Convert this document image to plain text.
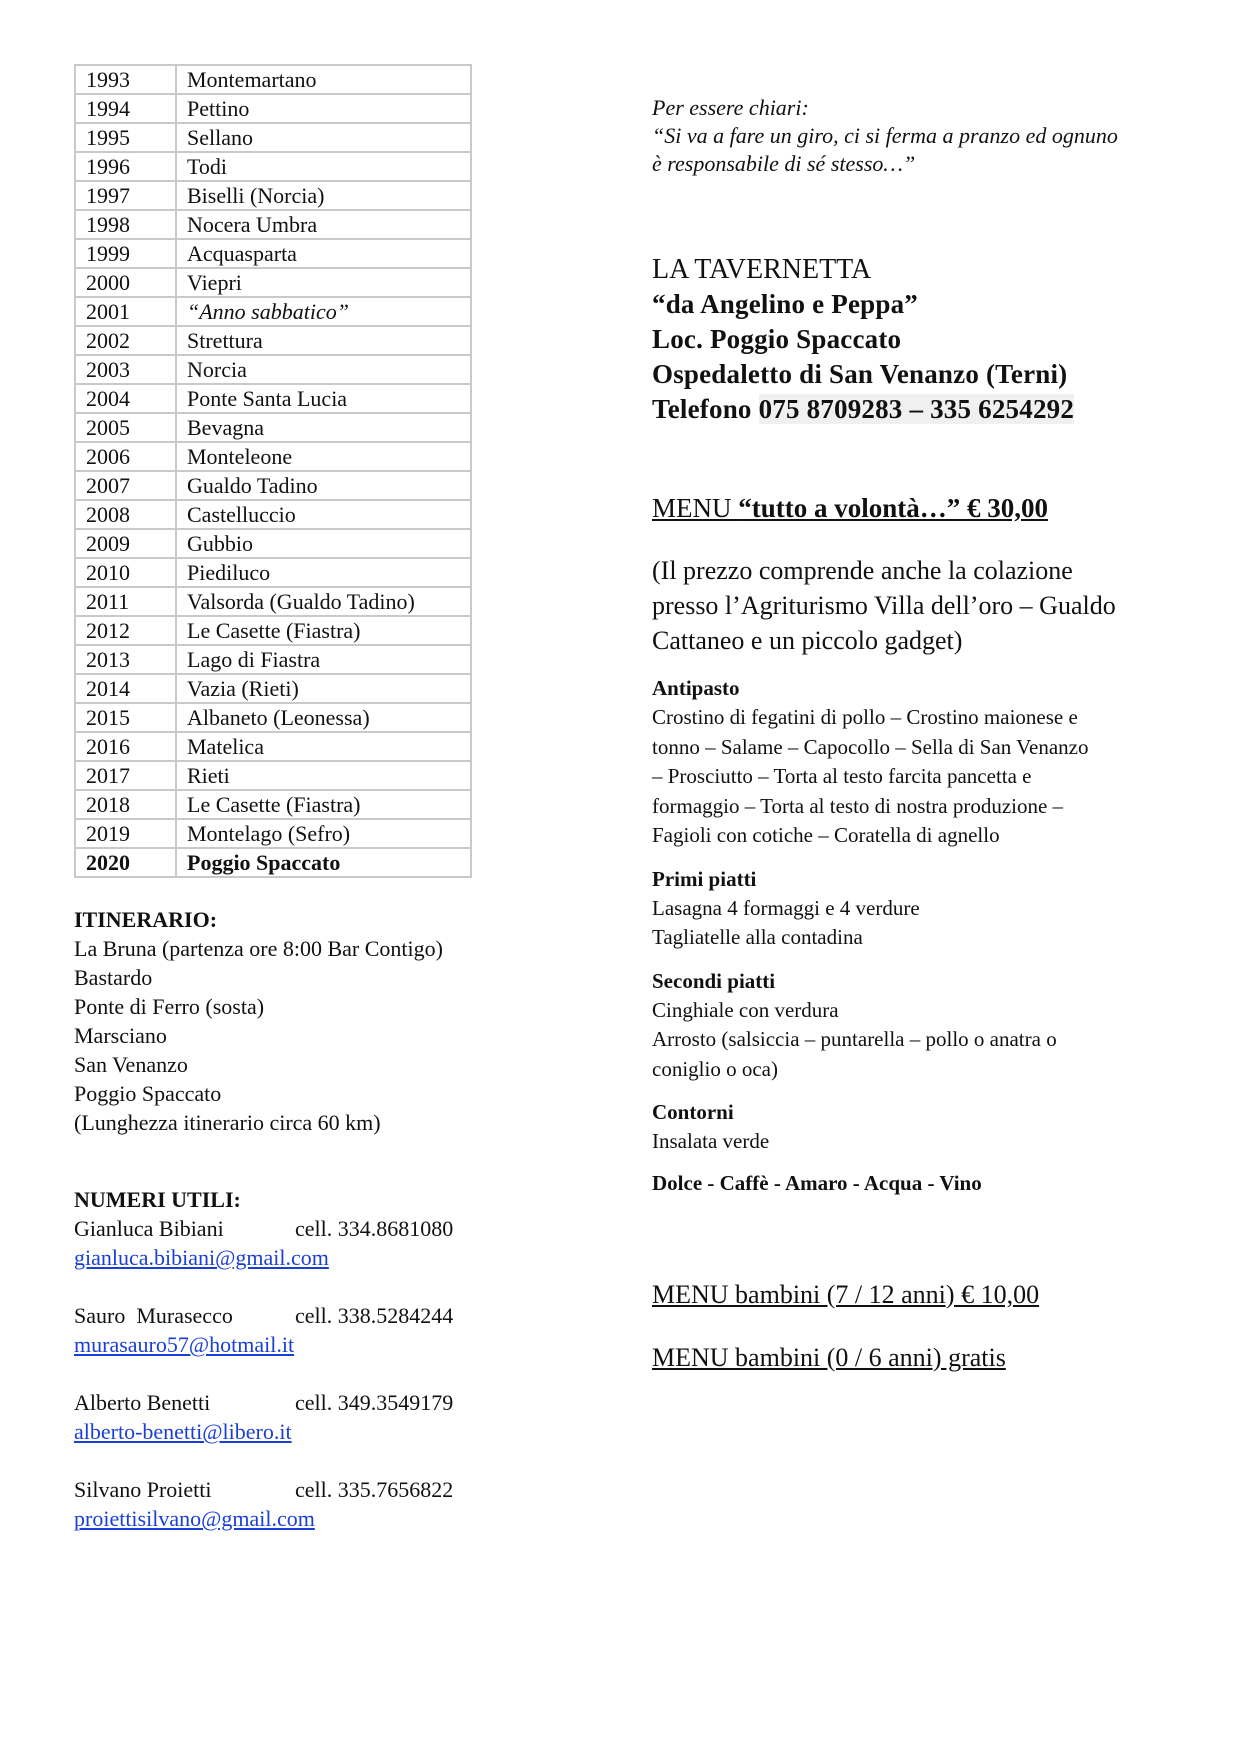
1993	Montemartano
1994	Pettino
1995	Sellano
1996	Todi
1997	Biselli (Norcia)
1998	Nocera Umbra
1999	Acquasparta
2000	Viepri
2001	“Anno sabbatico”
2002	Strettura
2003	Norcia
2004	Ponte Santa Lucia
2005	Bevagna
2006	Monteleone
2007	Gualdo Tadino
2008	Castelluccio
2009	Gubbio
2010	Piediluco
2011	Valsorda (Gualdo Tadino)
2012	Le Casette (Fiastra)
2013	Lago di Fiastra
2014	Vazia (Rieti)
2015	Albaneto (Leonessa)
2016	Matelica
2017	Rieti
2018	Le Casette (Fiastra)
2019	Montelago (Sefro)
2020	Poggio Spaccato

ITINERARIO:

La Bruna (partenza ore 8:00 Bar Contigo)

Bastardo

Ponte di Ferro (sosta)

Marsciano

San Venanzo

Poggio Spaccato

(Lunghezza itinerario circa 60 km)

NUMERI UTILI:

Gianluca Bibiani	cell. 334.8681080
gianluca.bibiani@gmail.com
Sauro  Murasecco	cell. 338.5284244
murasauro57@hotmail.it
Alberto Benetti	cell. 349.3549179
alberto-benetti@libero.it
Silvano Proietti	cell. 335.7656822
proiettisilvano@gmail.com

Per essere chiari:

“Si va a fare un giro, ci si ferma a pranzo ed ognuno

è responsabile di sé stesso…”

LA TAVERNETTA

“da Angelino e Peppa”

Loc. Poggio Spaccato

Ospedaletto di San Venanzo (Terni)

Telefono 075 8709283 – 335 6254292

MENU “tutto a volontà…” € 30,00

(Il prezzo comprende anche la colazione

presso l’Agriturismo Villa dell’oro – Gualdo

Cattaneo e un piccolo gadget)

Antipasto

Crostino di fegatini di pollo – Crostino maionese e

tonno – Salame – Capocollo – Sella di San Venanzo

– Prosciutto – Torta al testo farcita pancetta e

formaggio – Torta al testo di nostra produzione –

Fagioli con cotiche – Coratella di agnello

Primi piatti

Lasagna 4 formaggi e 4 verdure

Tagliatelle alla contadina

Secondi piatti

Cinghiale con verdura

Arrosto (salsiccia – puntarella – pollo o anatra o

coniglio o oca)

Contorni

Insalata verde

Dolce - Caffè - Amaro - Acqua - Vino

MENU bambini (7 / 12 anni) € 10,00

MENU bambini (0 / 6 anni) gratis
